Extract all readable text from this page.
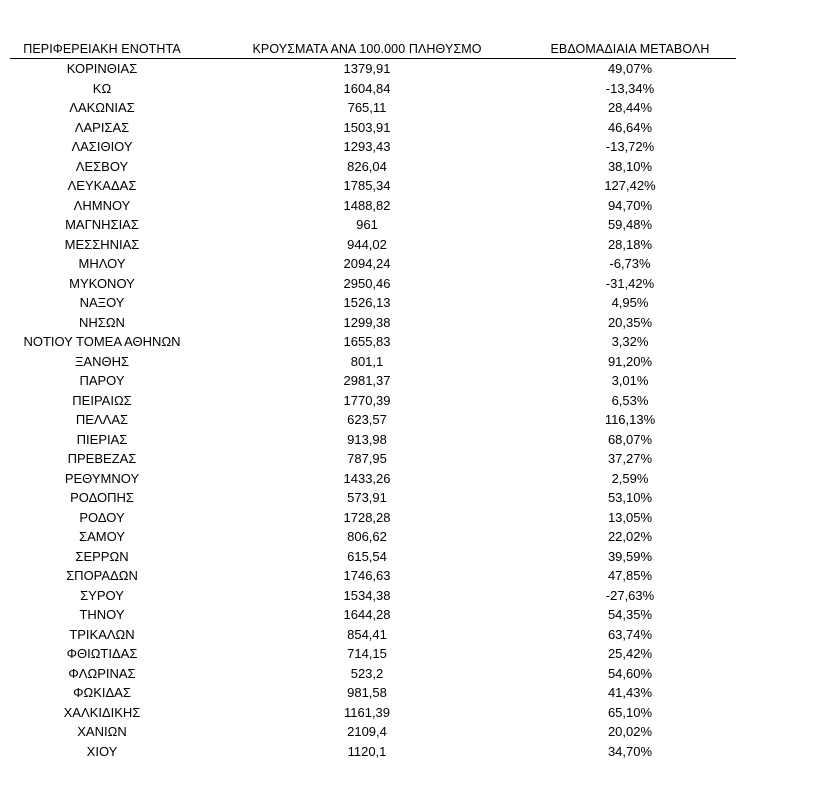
ΠΕΡΙΦΕΡΕΙΑΚΗ ΕΝΟΤΗΤΑ	ΚΡΟΥΣΜΑΤΑ ΑΝΑ 100.000 ΠΛΗΘΥΣΜΟ	ΕΒΔΟΜΑΔΙΑΙΑ ΜΕΤΑΒΟΛΗ
ΚΟΡΙΝΘΙΑΣ	1379,91	49,07%
ΚΩ	1604,84	-13,34%
ΛΑΚΩΝΙΑΣ	765,11	28,44%
ΛΑΡΙΣΑΣ	1503,91	46,64%
ΛΑΣΙΘΙΟΥ	1293,43	-13,72%
ΛΕΣΒΟΥ	826,04	38,10%
ΛΕΥΚΑΔΑΣ	1785,34	127,42%
ΛΗΜΝΟΥ	1488,82	94,70%
ΜΑΓΝΗΣΙΑΣ	961	59,48%
ΜΕΣΣΗΝΙΑΣ	944,02	28,18%
ΜΗΛΟΥ	2094,24	-6,73%
ΜΥΚΟΝΟΥ	2950,46	-31,42%
ΝΑΞΟΥ	1526,13	4,95%
ΝΗΣΩΝ	1299,38	20,35%
ΝΟΤΙΟΥ ΤΟΜΕΑ ΑΘΗΝΩΝ	1655,83	3,32%
ΞΑΝΘΗΣ	801,1	91,20%
ΠΑΡΟΥ	2981,37	3,01%
ΠΕΙΡΑΙΩΣ	1770,39	6,53%
ΠΕΛΛΑΣ	623,57	116,13%
ΠΙΕΡΙΑΣ	913,98	68,07%
ΠΡΕΒΕΖΑΣ	787,95	37,27%
ΡΕΘΥΜΝΟΥ	1433,26	2,59%
ΡΟΔΟΠΗΣ	573,91	53,10%
ΡΟΔΟΥ	1728,28	13,05%
ΣΑΜΟΥ	806,62	22,02%
ΣΕΡΡΩΝ	615,54	39,59%
ΣΠΟΡΑΔΩΝ	1746,63	47,85%
ΣΥΡΟΥ	1534,38	-27,63%
ΤΗΝΟΥ	1644,28	54,35%
ΤΡΙΚΑΛΩΝ	854,41	63,74%
ΦΘΙΩΤΙΔΑΣ	714,15	25,42%
ΦΛΩΡΙΝΑΣ	523,2	54,60%
ΦΩΚΙΔΑΣ	981,58	41,43%
ΧΑΛΚΙΔΙΚΗΣ	1161,39	65,10%
ΧΑΝΙΩΝ	2109,4	20,02%
ΧΙΟΥ	1120,1	34,70%
